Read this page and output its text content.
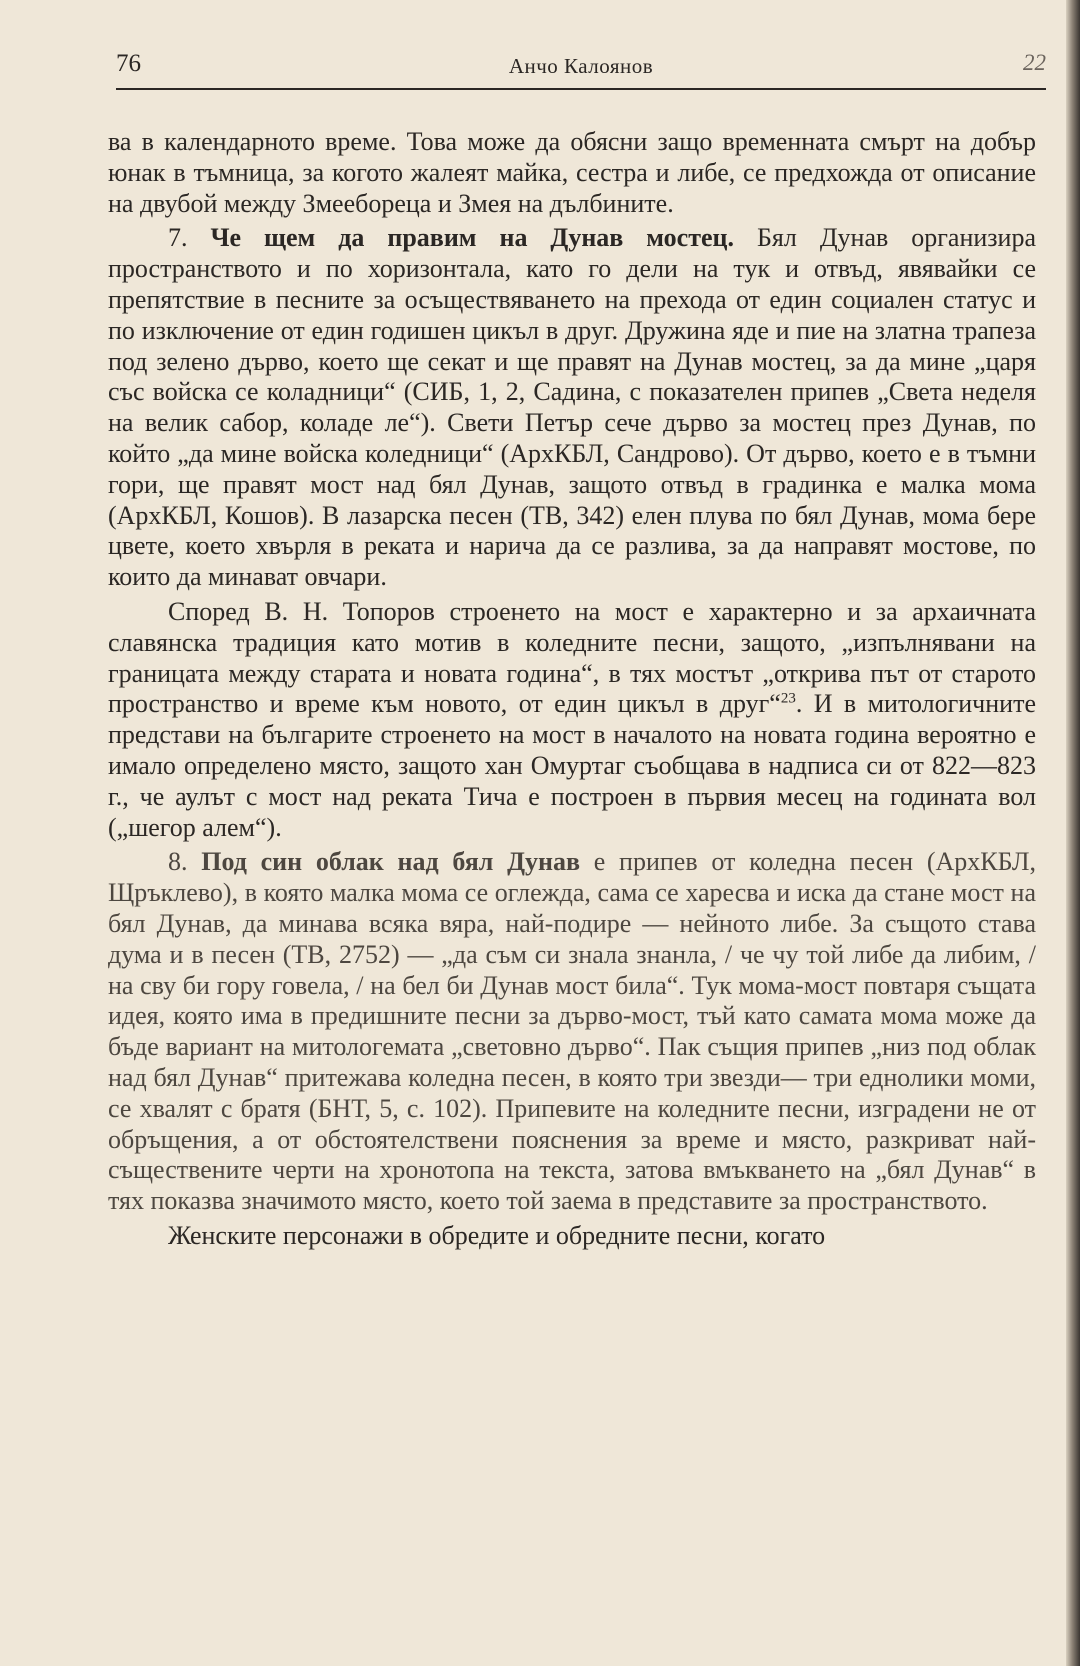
76	Анчо Калоянов	22

ва в календарното време. Това може да обясни защо временната смърт на добър юнак в тъмница, за когото жалеят майка, сестра и либе, се предхожда от описание на двубой между Змееборeца и Змея на дълбините.

7. Че щем да правим на Дунав мостец. Бял Дунав организира пространството и по хоризонтала, като го дели на тук и отвъд, явявайки се препятствие в песните за осъществяването на прехода от един социален статус и по изключение от един годишен цикъл в друг. Дружина яде и пие на златна трапеза под зелено дърво, което ще секат и ще правят на Дунав мостец, за да мине „царя със войска се коладници“ (СИБ, 1, 2, Садина, с показателен припев „Света неделя на велик сабор, коладе ле“). Свети Петър сече дърво за мостец през Дунав, по който „да мине войска коледници“ (АрхКБЛ, Сандрово). От дърво, което е в тъмни гори, ще правят мост над бял Дунав, защото отвъд в градинка е малка мома (АрхКБЛ, Кошов). В лазарска песен (ТВ, 342) елен плува по бял Дунав, мома бере цвете, което хвърля в реката и нарича да се разлива, за да направят мостове, по които да минават овчари.

Според В. Н. Топоров строенето на мост е характерно и за архаичната славянска традиция като мотив в коледните песни, защото, „изпълнявани на границата между старата и новата година“, в тях мостът „открива път от старото пространство и време към новото, от един цикъл в друг“$^{23}$. И в митологичните представи на българите строенето на мост в началото на новата година вероятно е имало определено място, защото хан Омуртаг съобщава в надписа си от 822—823 г., че аулът с мост над реката Тича е построен в първия месец на годината вол („шегор алем“).

8. Под син облак над бял Дунав е припев от коледна песен (АрхКБЛ, Щръклево), в която малка мома се оглежда, сама се харесва и иска да стане мост на бял Дунав, да минава всяка вяра, най-подире — нейното либе. За същото става дума и в песен (ТВ, 2752) — „да съм си знала знанла, / че чу той либе да либим, / на сву би гору говела, / на бел би Дунав мост била“. Тук мома-мост повтаря същата идея, която има в предишните песни за дърво-мост, тъй като самата мома може да бъде вариант на митологемата „световно дърво“. Пак същия припев „низ под облак над бял Дунав“ притежава коледна песен, в която три звезди— три еднолики моми, се хвалят с братя (БНТ, 5, с. 102). Припевите на коледните песни, изградени не от обръщения, а от обстоятелствени пояснения за време и място, разкриват най-съществените черти на хронотопа на текста, затова вмъкването на „бял Дунав“ в тях показва значимото място, което той заема в представите за пространството.

Женските персонажи в обредите и обредните песни, когато
